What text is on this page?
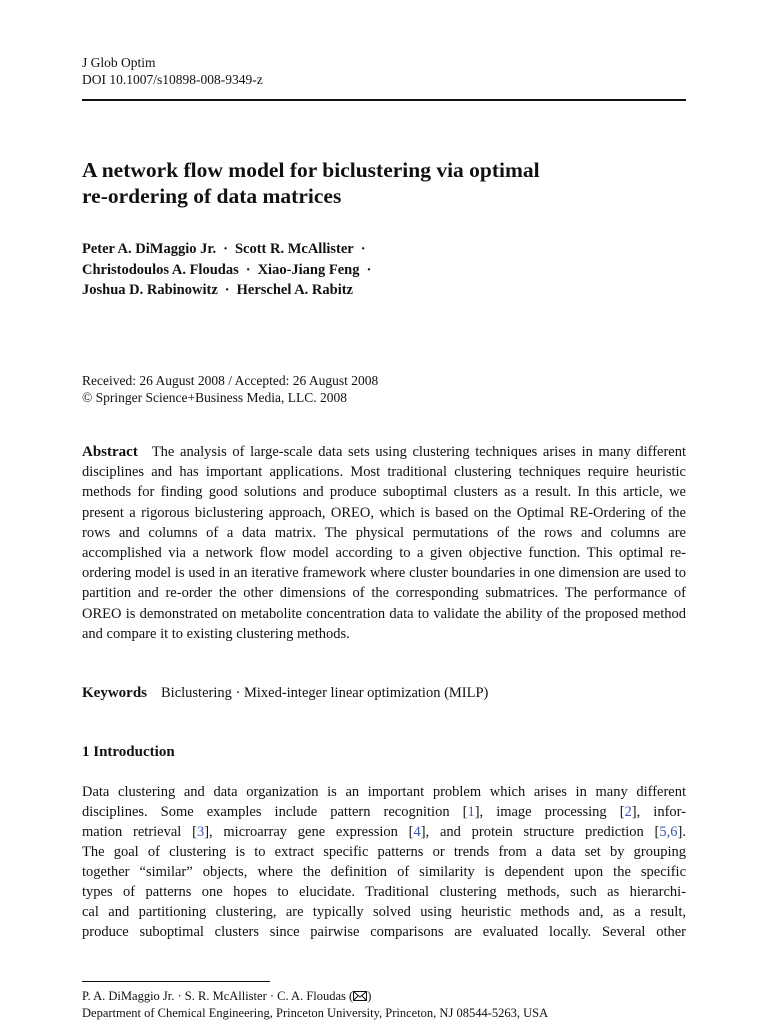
J Glob Optim
DOI 10.1007/s10898-008-9349-z
A network flow model for biclustering via optimal
re-ordering of data matrices
Peter A. DiMaggio Jr. · Scott R. McAllister ·
Christodoulos A. Floudas · Xiao-Jiang Feng ·
Joshua D. Rabinowitz · Herschel A. Rabitz
Received: 26 August 2008 / Accepted: 26 August 2008
© Springer Science+Business Media, LLC. 2008

Abstract The analysis of large-scale data sets using clustering techniques arises in many different disciplines and has important applications. Most traditional clustering techniques require heuristic methods for finding good solutions and produce suboptimal clusters as a result. In this article, we present a rigorous biclustering approach, OREO, which is based on the Optimal RE-Ordering of the rows and columns of a data matrix. The physical permutations of the rows and columns are accomplished via a network flow model according to a given objective function. This optimal re-ordering model is used in an iterative framework where cluster boundaries in one dimension are used to partition and re-order the other dimensions of the corresponding submatrices. The performance of OREO is demonstrated on metabolite concentration data to validate the ability of the proposed method and compare it to existing clustering methods.

Keywords Biclustering · Mixed-integer linear optimization (MILP)
1 Introduction

Data clustering and data organization is an important problem which arises in many different
disciplines. Some examples include pattern recognition [1], image processing [2], infor-
mation retrieval [3], microarray gene expression [4], and protein structure prediction [5,6].
The goal of clustering is to extract specific patterns or trends from a data set by grouping
together “similar” objects, where the definition of similarity is dependent upon the specific
types of patterns one hopes to elucidate. Traditional clustering methods, such as hierarchi-
cal and partitioning clustering, are typically solved using heuristic methods and, as a result,
produce suboptimal clusters since pairwise comparisons are evaluated locally. Several other

P. A. DiMaggio Jr. · S. R. McAllister · C. A. Floudas ( )
Department of Chemical Engineering, Princeton University, Princeton, NJ 08544-5263, USA
